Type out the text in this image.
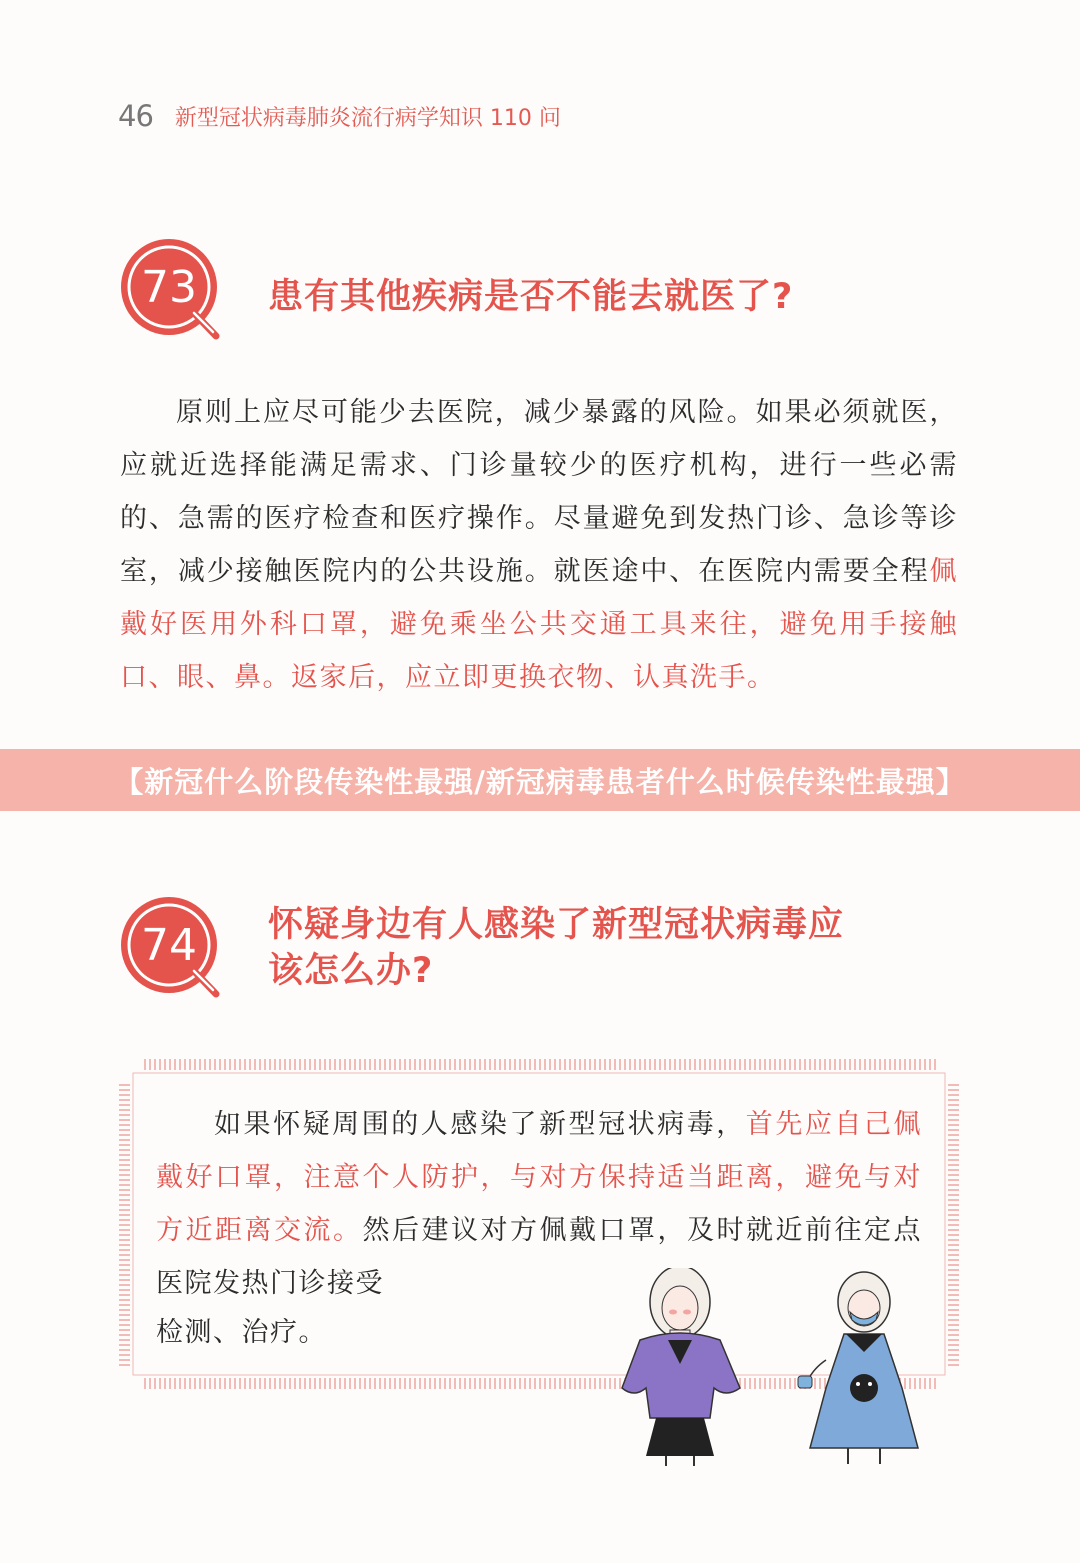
46 新型冠状病毒肺炎流行病学知识 110 问
73 患有其他疾病是否不能去就医了?

原则上应尽可能少去医院，减少暴露的风险。如果必须就医，应就近选择能满足需求、门诊量较少的医疗机构，进行一些必需的、急需的医疗检查和医疗操作。尽量避免到发热门诊、急诊等诊室，减少接触医院内的公共设施。就医途中、在医院内需要全程佩戴好医用外科口罩，避免乘坐公共交通工具来往，避免用手接触口、眼、鼻。返家后，应立即更换衣物、认真洗手。

【新冠什么阶段传染性最强/新冠病毒患者什么时候传染性最强】
74 怀疑身边有人感染了新型冠状病毒应
该怎么办?

如果怀疑周围的人感染了新型冠状病毒，首先应自己佩戴好口罩，注意个人防护，与对方保持适当距离，避免与对方近距离交流。然后建议对方佩戴口罩，及时就近前往定点医院发热门诊接受

检测、治疗。
